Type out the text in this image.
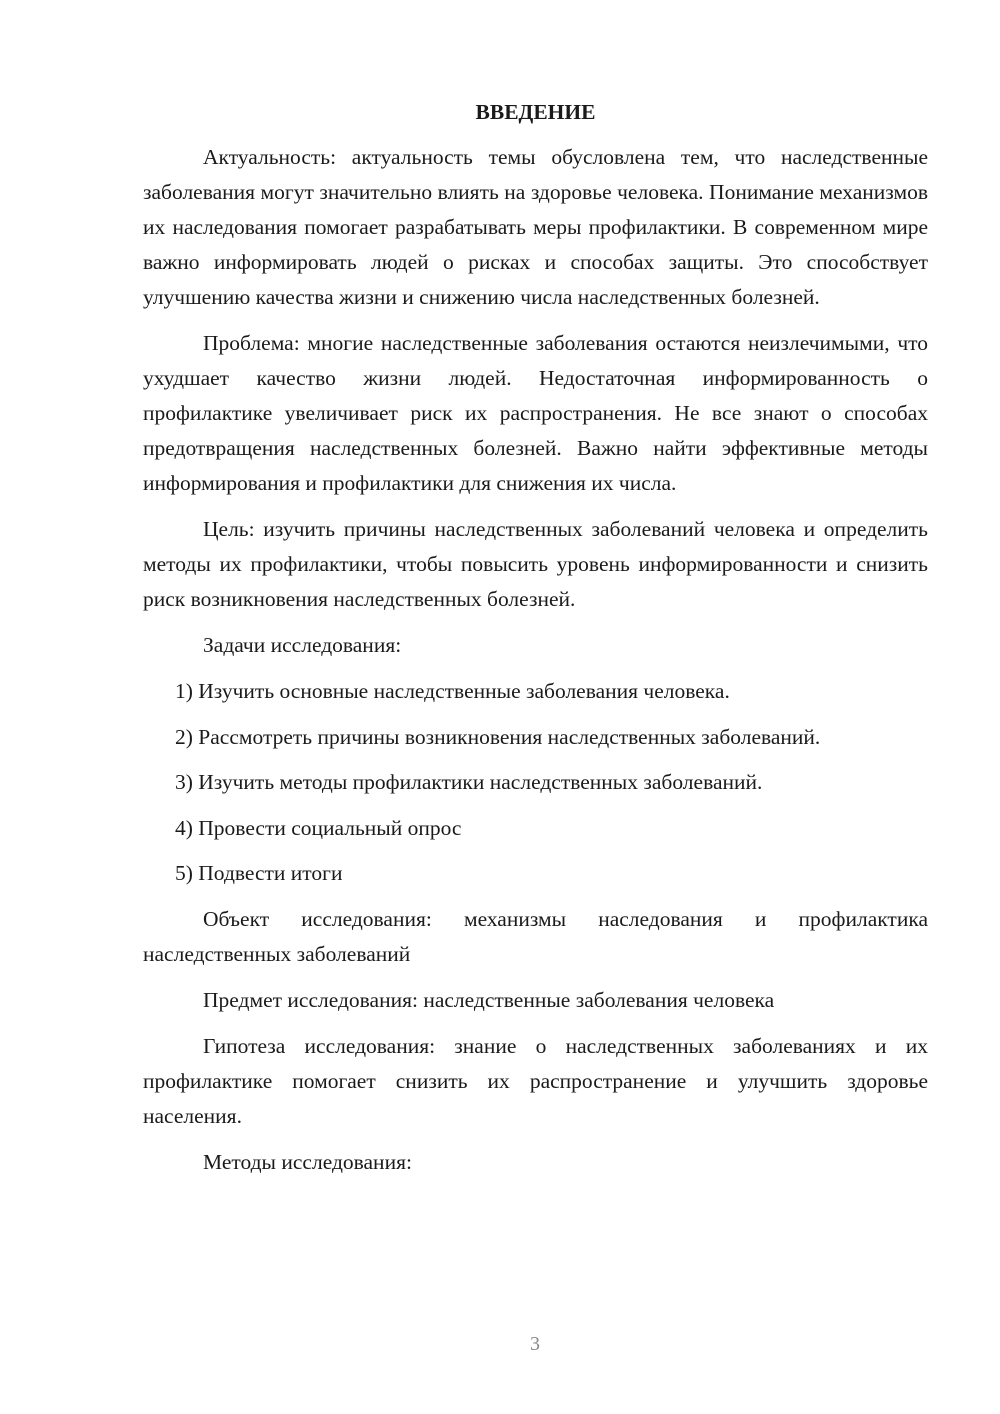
ВВЕДЕНИЕ

Актуальность: актуальность темы обусловлена тем, что наследственные заболевания могут значительно влиять на здоровье человека. Понимание механизмов их наследования помогает разрабатывать меры профилактики. В современном мире важно информировать людей о рисках и способах защиты. Это способствует улучшению качества жизни и снижению числа наследственных болезней.

Проблема: многие наследственные заболевания остаются неизлечимыми, что ухудшает качество жизни людей. Недостаточная информированность о профилактике увеличивает риск их распространения. Не все знают о способах предотвращения наследственных болезней. Важно найти эффективные методы информирования и профилактики для снижения их числа.

Цель: изучить причины наследственных заболеваний человека и определить методы их профилактики, чтобы повысить уровень информированности и снизить риск возникновения наследственных болезней.

Задачи исследования:

1) Изучить основные наследственные заболевания человека.
2) Рассмотреть причины возникновения наследственных заболеваний.
3) Изучить методы профилактики наследственных заболеваний.
4) Провести социальный опрос
5) Подвести итоги

Объект исследования: механизмы наследования и профилактика наследственных заболеваний

Предмет исследования: наследственные заболевания человека

Гипотеза исследования: знание о наследственных заболеваниях и их профилактике помогает снизить их распространение и улучшить здоровье населения.

Методы исследования:

3
